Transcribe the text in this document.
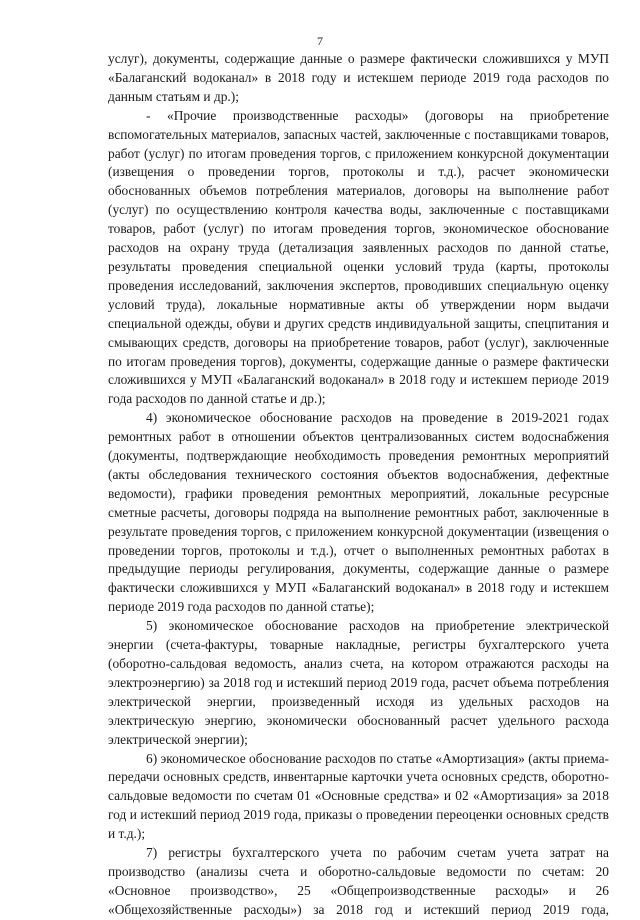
7

услуг), документы, содержащие данные о размере фактически сложившихся у МУП «Балаганский водоканал» в 2018 году и истекшем периоде 2019 года расходов по данным статьям и др.);

- «Прочие производственные расходы» (договоры на приобретение вспомогательных материалов, запасных частей, заключенные с поставщиками товаров, работ (услуг) по итогам проведения торгов, с приложением конкурсной документации (извещения о проведении торгов, протоколы и т.д.), расчет экономически обоснованных объемов потребления материалов, договоры на выполнение работ (услуг) по осуществлению контроля качества воды, заключенные с поставщиками товаров, работ (услуг) по итогам проведения торгов, экономическое обоснование расходов на охрану труда (детализация заявленных расходов по данной статье, результаты проведения специальной оценки условий труда (карты, протоколы проведения исследований, заключения экспертов, проводивших специальную оценку условий труда), локальные нормативные акты об утверждении норм выдачи специальной одежды, обуви и других средств индивидуальной защиты, спецпитания и смывающих средств, договоры на приобретение товаров, работ (услуг), заключенные по итогам проведения торгов), документы, содержащие данные о размере фактически сложившихся у МУП «Балаганский водоканал» в 2018 году и истекшем периоде 2019 года расходов по данной статье и др.);

4) экономическое обоснование расходов на проведение в 2019-2021 годах ремонтных работ в отношении объектов централизованных систем водоснабжения (документы, подтверждающие необходимость проведения ремонтных мероприятий (акты обследования технического состояния объектов водоснабжения, дефектные ведомости), графики проведения ремонтных мероприятий, локальные ресурсные сметные расчеты, договоры подряда на выполнение ремонтных работ, заключенные в результате проведения торгов, с приложением конкурсной документации (извещения о проведении торгов, протоколы и т.д.), отчет о выполненных ремонтных работах в предыдущие периоды регулирования, документы, содержащие данные о размере фактически сложившихся у МУП «Балаганский водоканал» в 2018 году и истекшем периоде 2019 года расходов по данной статье);

5) экономическое обоснование расходов на приобретение электрической энергии (счета-фактуры, товарные накладные, регистры бухгалтерского учета (оборотно-сальдовая ведомость, анализ счета, на котором отражаются расходы на электроэнергию) за 2018 год и истекший период 2019 года, расчет объема потребления электрической энергии, произведенный исходя из удельных расходов на электрическую энергию, экономически обоснованный расчет удельного расхода электрической энергии);

6) экономическое обоснование расходов по статье «Амортизация» (акты приема-передачи основных средств, инвентарные карточки учета основных средств, оборотно-сальдовые ведомости по счетам 01 «Основные средства» и 02 «Амортизация» за 2018 год и истекший период 2019 года, приказы о проведении переоценки основных средств и т.д.);

7) регистры бухгалтерского учета по рабочим счетам учета затрат на производство (анализы счета и оборотно-сальдовые ведомости по счетам: 20 «Основное производство», 25 «Общепроизводственные расходы» и 26 «Общехозяйственные расходы») за 2018 год и истекший период 2019 года,
